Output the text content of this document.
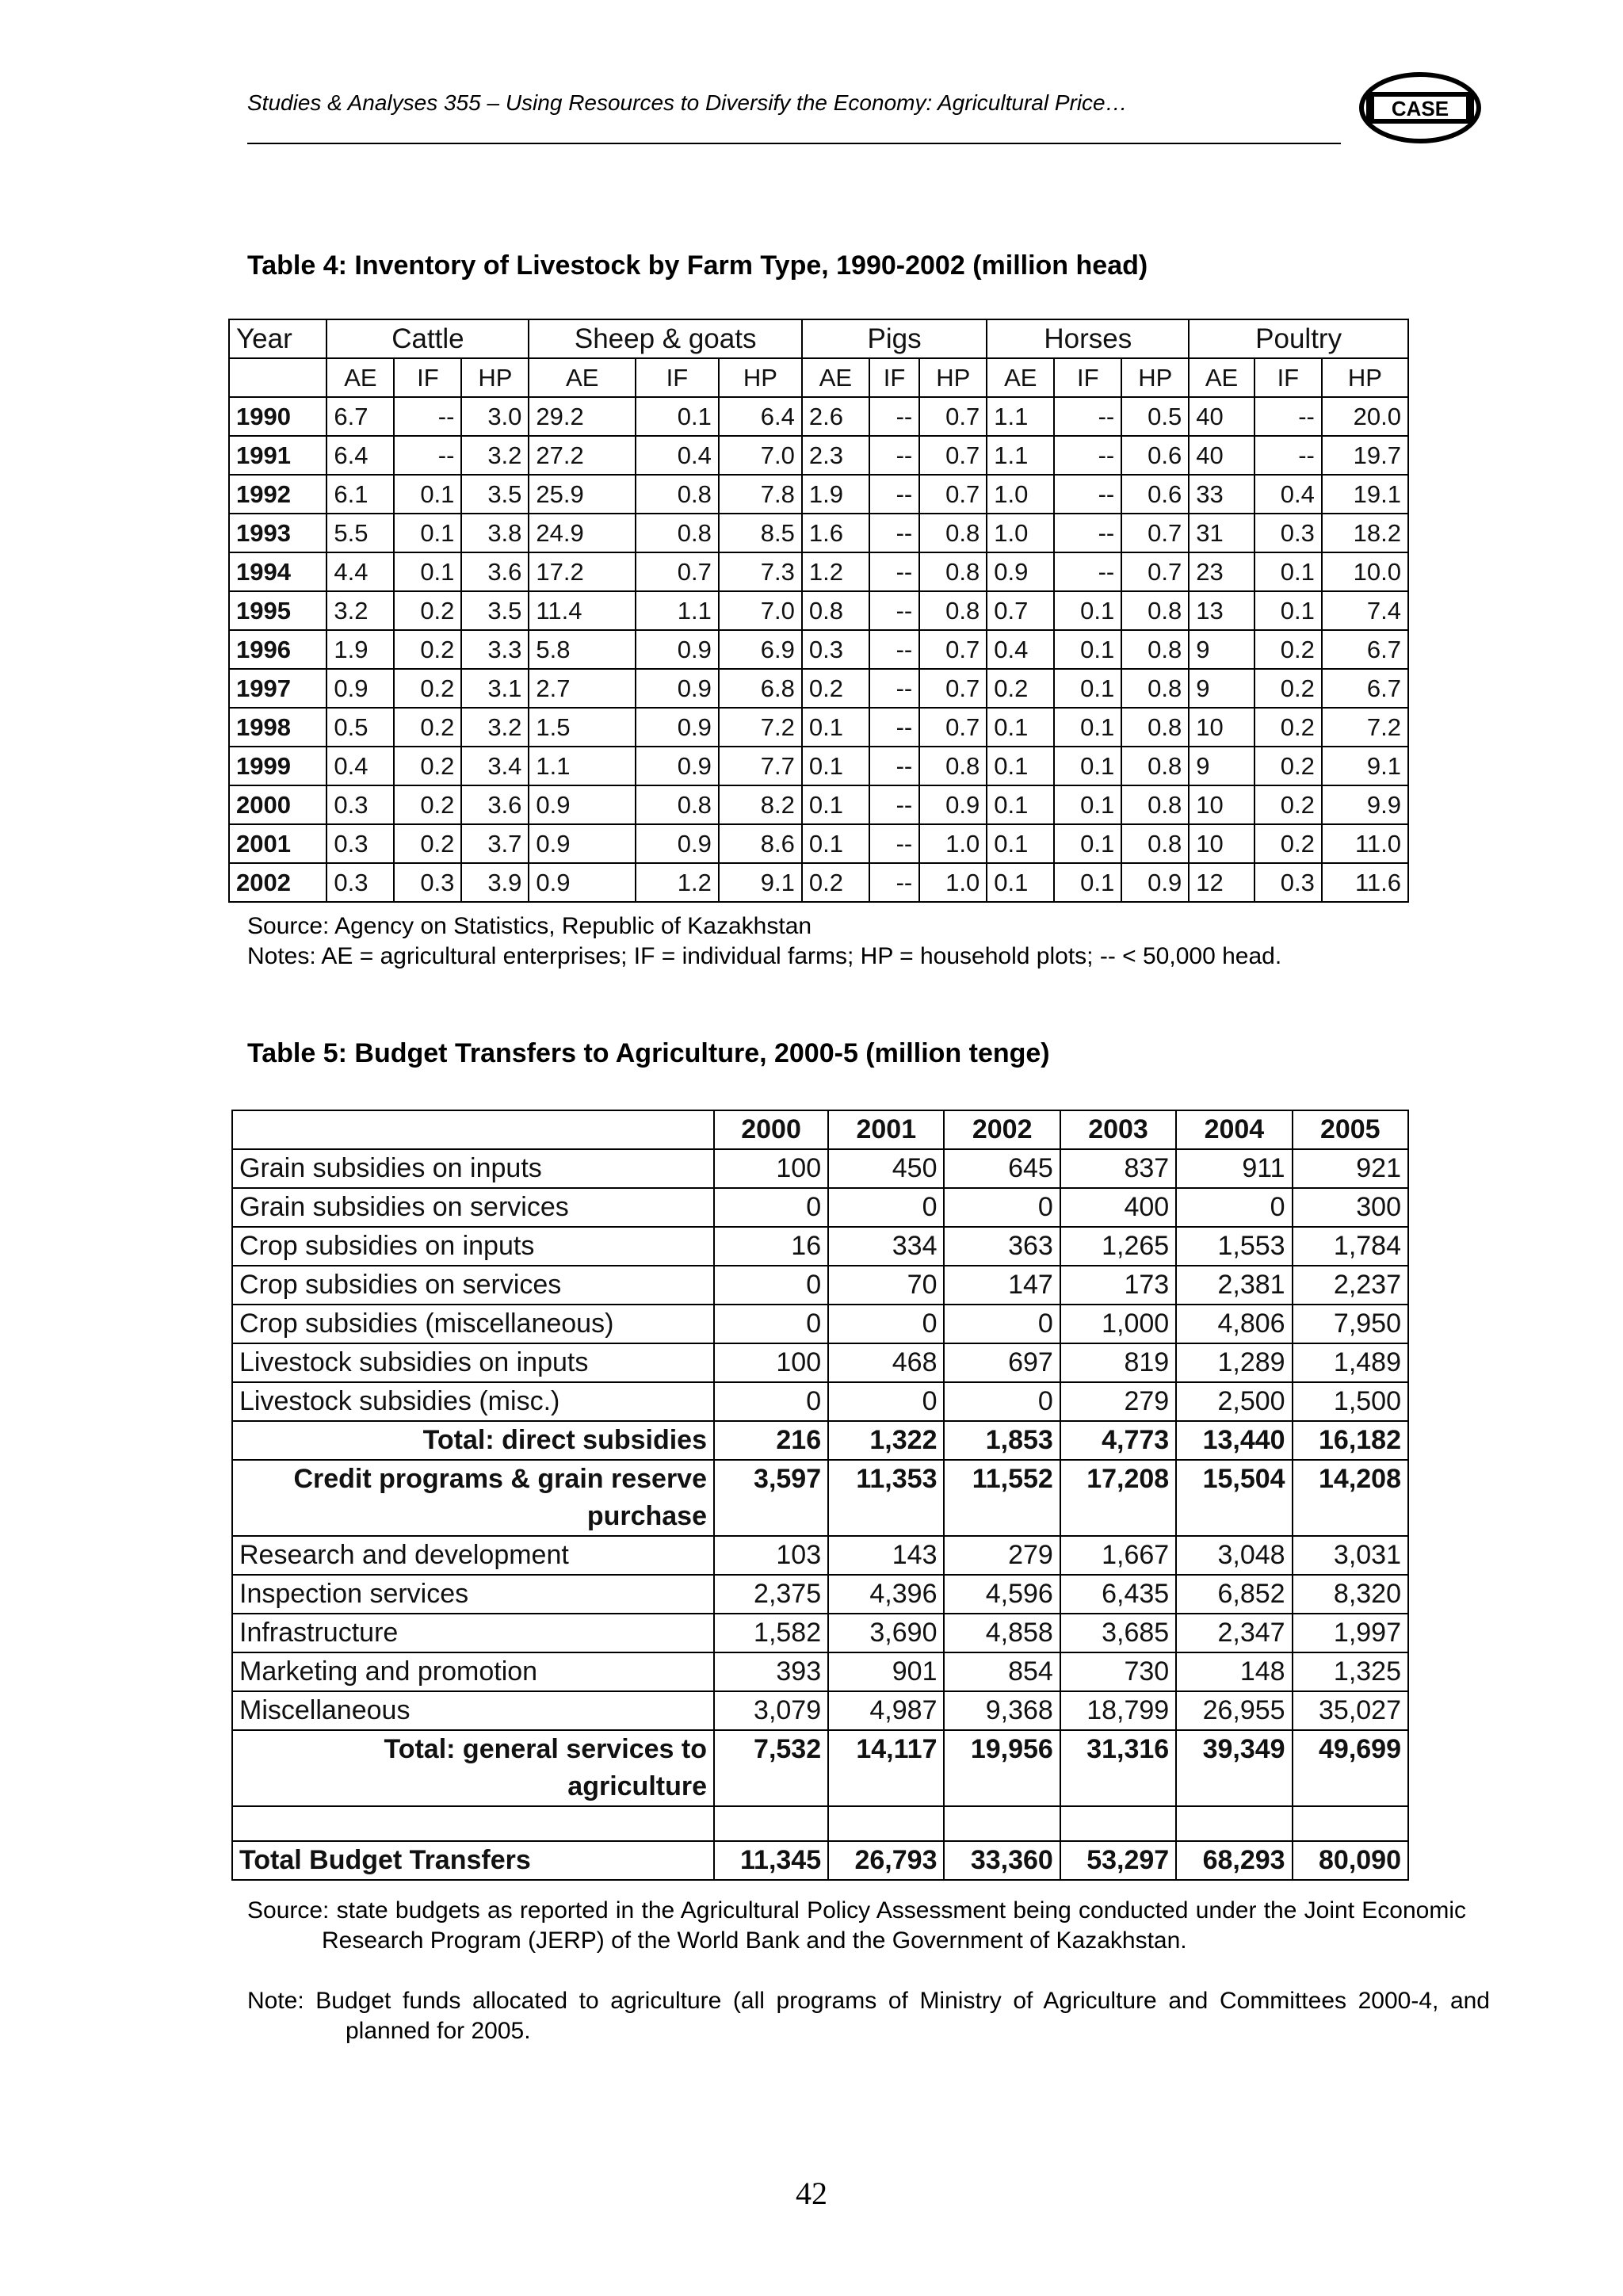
Studies & Analyses 355 – Using Resources to Diversify the Economy: Agricultural Price…	CASE
Table 4: Inventory of Livestock by Farm Type, 1990-2002 (million head)
Year	Cattle			Sheep & goats			Pigs			Horses			Poultry		
	AE	IF	HP	AE	IF	HP	AE	IF	HP	AE	IF	HP	AE	IF	HP
1990	6.7	--	3.0	29.2	0.1	6.4	2.6	--	0.7	1.1	--	0.5	40	--	20.0
1991	6.4	--	3.2	27.2	0.4	7.0	2.3	--	0.7	1.1	--	0.6	40	--	19.7
1992	6.1	0.1	3.5	25.9	0.8	7.8	1.9	--	0.7	1.0	--	0.6	33	0.4	19.1
1993	5.5	0.1	3.8	24.9	0.8	8.5	1.6	--	0.8	1.0	--	0.7	31	0.3	18.2
1994	4.4	0.1	3.6	17.2	0.7	7.3	1.2	--	0.8	0.9	--	0.7	23	0.1	10.0
1995	3.2	0.2	3.5	11.4	1.1	7.0	0.8	--	0.8	0.7	0.1	0.8	13	0.1	7.4
1996	1.9	0.2	3.3	5.8	0.9	6.9	0.3	--	0.7	0.4	0.1	0.8	9	0.2	6.7
1997	0.9	0.2	3.1	2.7	0.9	6.8	0.2	--	0.7	0.2	0.1	0.8	9	0.2	6.7
1998	0.5	0.2	3.2	1.5	0.9	7.2	0.1	--	0.7	0.1	0.1	0.8	10	0.2	7.2
1999	0.4	0.2	3.4	1.1	0.9	7.7	0.1	--	0.8	0.1	0.1	0.8	9	0.2	9.1
2000	0.3	0.2	3.6	0.9	0.8	8.2	0.1	--	0.9	0.1	0.1	0.8	10	0.2	9.9
2001	0.3	0.2	3.7	0.9	0.9	8.6	0.1	--	1.0	0.1	0.1	0.8	10	0.2	11.0
2002	0.3	0.3	3.9	0.9	1.2	9.1	0.2	--	1.0	0.1	0.1	0.9	12	0.3	11.6
Source: Agency on Statistics, Republic of Kazakhstan
Notes: AE = agricultural enterprises; IF = individual farms; HP = household plots; -- < 50,000 head.
Table 5: Budget Transfers to Agriculture, 2000-5 (million tenge)
	2000	2001	2002	2003	2004	2005
Grain subsidies on inputs	100	450	645	837	911	921
Grain subsidies on services	0	0	0	400	0	300
Crop subsidies on inputs	16	334	363	1,265	1,553	1,784
Crop subsidies on services	0	70	147	173	2,381	2,237
Crop subsidies (miscellaneous)	0	0	0	1,000	4,806	7,950
Livestock subsidies on inputs	100	468	697	819	1,289	1,489
Livestock subsidies (misc.)	0	0	0	279	2,500	1,500
Total: direct subsidies	216	1,322	1,853	4,773	13,440	16,182
Credit programs & grain reserve purchase	3,597	11,353	11,552	17,208	15,504	14,208
Research and development	103	143	279	1,667	3,048	3,031
Inspection services	2,375	4,396	4,596	6,435	6,852	8,320
Infrastructure	1,582	3,690	4,858	3,685	2,347	1,997
Marketing and promotion	393	901	854	730	148	1,325
Miscellaneous	3,079	4,987	9,368	18,799	26,955	35,027
Total: general services to agriculture	7,532	14,117	19,956	31,316	39,349	49,699

Total Budget Transfers	11,345	26,793	33,360	53,297	68,293	80,090
Source: state budgets as reported in the Agricultural Policy Assessment being conducted under the Joint Economic Research Program (JERP) of the World Bank and the Government of Kazakhstan.
Note: Budget funds allocated to agriculture (all programs of Ministry of Agriculture and Committees 2000-4, and planned for 2005.
42
